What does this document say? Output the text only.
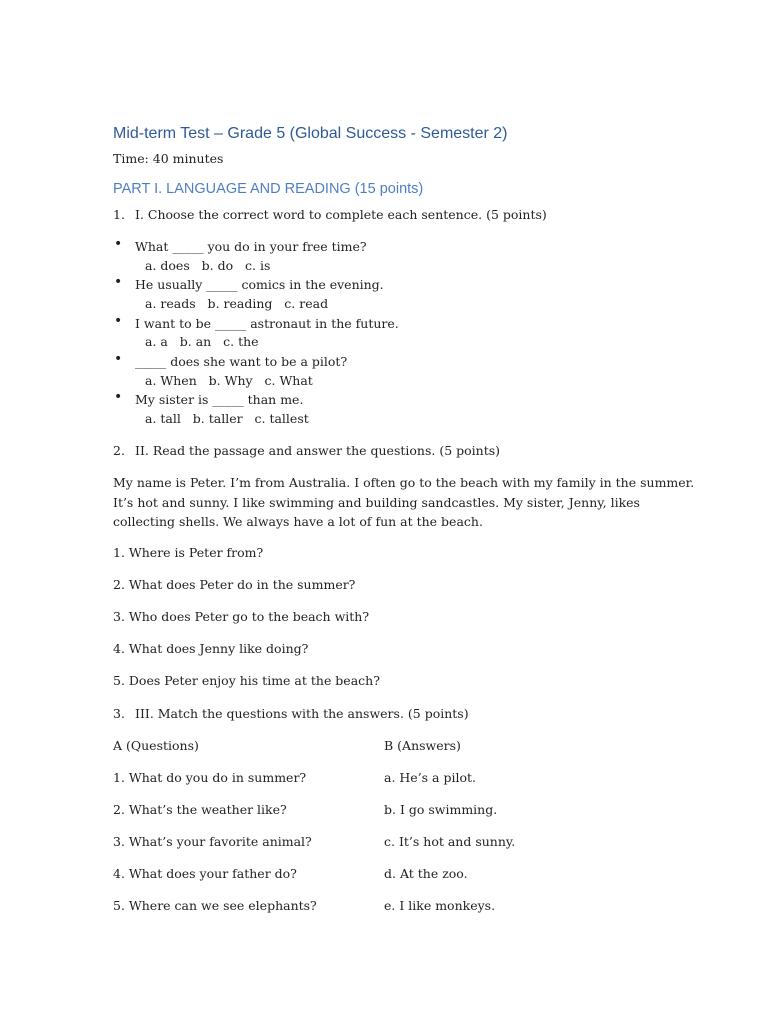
Mid-term Test – Grade 5 (Global Success - Semester 2)
Time: 40 minutes
PART I. LANGUAGE AND READING (15 points)
1. I. Choose the correct word to complete each sentence. (5 points)
• What _____ you do in your free time?
a. does   b. do   c. is
• He usually _____ comics in the evening.
a. reads   b. reading   c. read
• I want to be _____ astronaut in the future.
a. a   b. an   c. the
• _____ does she want to be a pilot?
a. When   b. Why   c. What
• My sister is _____ than me.
a. tall   b. taller   c. tallest
2. II. Read the passage and answer the questions. (5 points)
My name is Peter. I’m from Australia. I often go to the beach with my family in the summer.
It’s hot and sunny. I like swimming and building sandcastles. My sister, Jenny, likes
collecting shells. We always have a lot of fun at the beach.
1. Where is Peter from?
2. What does Peter do in the summer?
3. Who does Peter go to the beach with?
4. What does Jenny like doing?
5. Does Peter enjoy his time at the beach?
3. III. Match the questions with the answers. (5 points)
A (Questions)	B (Answers)
1. What do you do in summer?	a. He’s a pilot.
2. What’s the weather like?	b. I go swimming.
3. What’s your favorite animal?	c. It’s hot and sunny.
4. What does your father do?	d. At the zoo.
5. Where can we see elephants?	e. I like monkeys.
